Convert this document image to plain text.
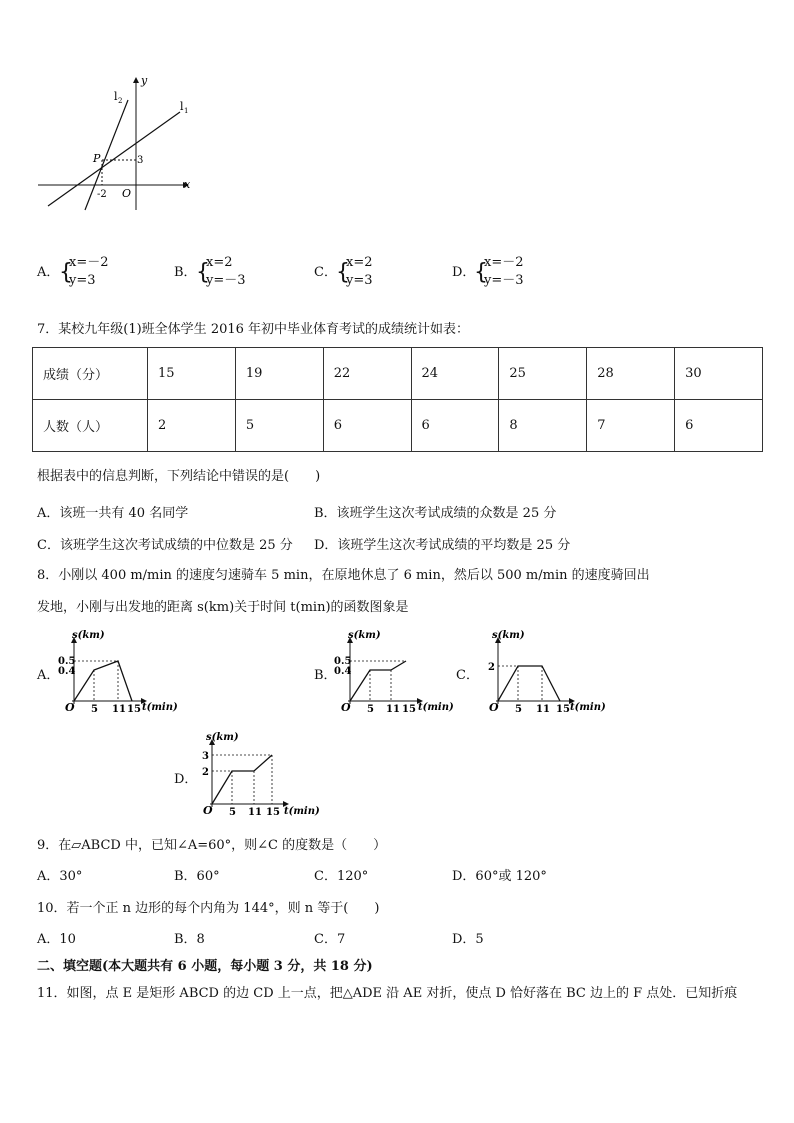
x
y
l 1
l 2
P	3
-2 O
A． {
x=－2
y=3
B． {
x=2
y=－3
C． {
x=2
y=3
D．
{
x=－2
y=－3
7．某校九年级(1)班全体学生 2016 年初中毕业体育考试的成绩统计如表：
成绩（分）	15	19	22	24	25	28	30
人数（人）	2	5	6	6	8	7	6
根据表中的信息判断，下列结论中错误的是(　　)
A．该班一共有 40 名同学	B．该班学生这次考试成绩的众数是 25 分
C．该班学生这次考试成绩的中位数是 25 分 D．该班学生这次考试成绩的平均数是 25 分
8．小刚以 400 m/min 的速度匀速骑车 5 min，在原地休息了 6 min，然后以 500 m/min 的速度骑回出
发地，小刚与出发地的距离 s(km)关于时间 t(min)的函数图象是
A．	B．	C．
D．
s(km)
t(min)
O
0.5
0.4
5 11 15
s(km)
t(min)
O
0.5
0.4
5 11 15
s(km)
t(min)
O
2
5 11 15
s(km)
t(min)
O
3
2
5 11 15
9．在▱ABCD 中，已知∠A=60°，则∠C 的度数是（　　）
A．30°	B．60°	C．120°	D．60°或 120°
10．若一个正 n 边形的每个内角为 144°，则 n 等于(　　)
A．10	B．8	C．7	D．5
二、填空题(本大题共有 6 小题，每小题 3 分，共 18 分)
11．如图，点 E 是矩形 ABCD 的边 CD 上一点，把△ADE 沿 AE 对折，使点 D 恰好落在 BC 边上的 F 点处．已知折痕
